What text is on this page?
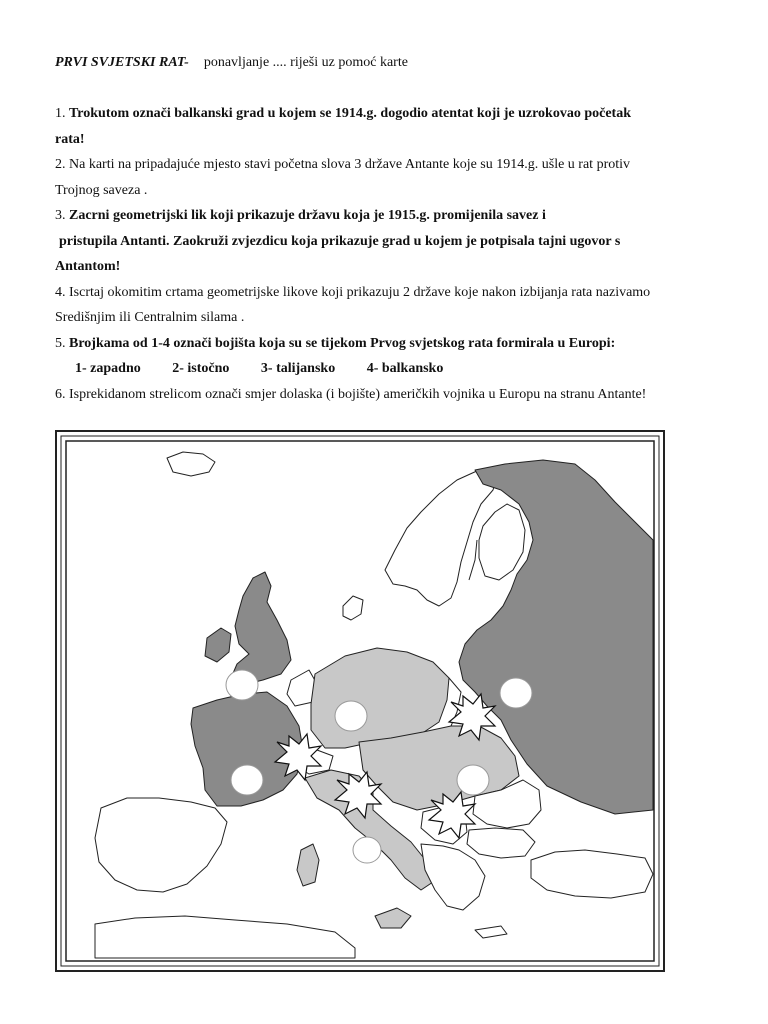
PRVI SVJETSKI RAT- ponavljanje .... riješi uz pomoć karte

1. Trokutom označi balkanski grad u kojem se 1914.g. dogodio atentat koji je uzrokovao početak
rata!
2. Na karti na pripadajuće mjesto stavi početna slova 3 države Antante koje su 1914.g. ušle u rat protiv
Trojnog saveza .
3. Zacrni geometrijski lik koji prikazuje državu koja je 1915.g. promijenila savez i
pristupila Antanti. Zaokruži zvjezdicu koja prikazuje grad u kojem je potpisala tajni ugovor s
Antantom!
4. Iscrtaj okomitim crtama geometrijske likove koji prikazuju 2 države koje nakon izbijanja rata nazivamo
Središnjim ili Centralnim silama .
5. Brojkama od 1-4 označi bojišta koja su se tijekom Prvog svjetskog rata formirala u Europi:
1- zapadno 2- istočno 3- talijansko 4- balkansko
6. Isprekidanom strelicom označi smjer dolaska (i bojište) američkih vojnika u Europu na stranu Antante!
